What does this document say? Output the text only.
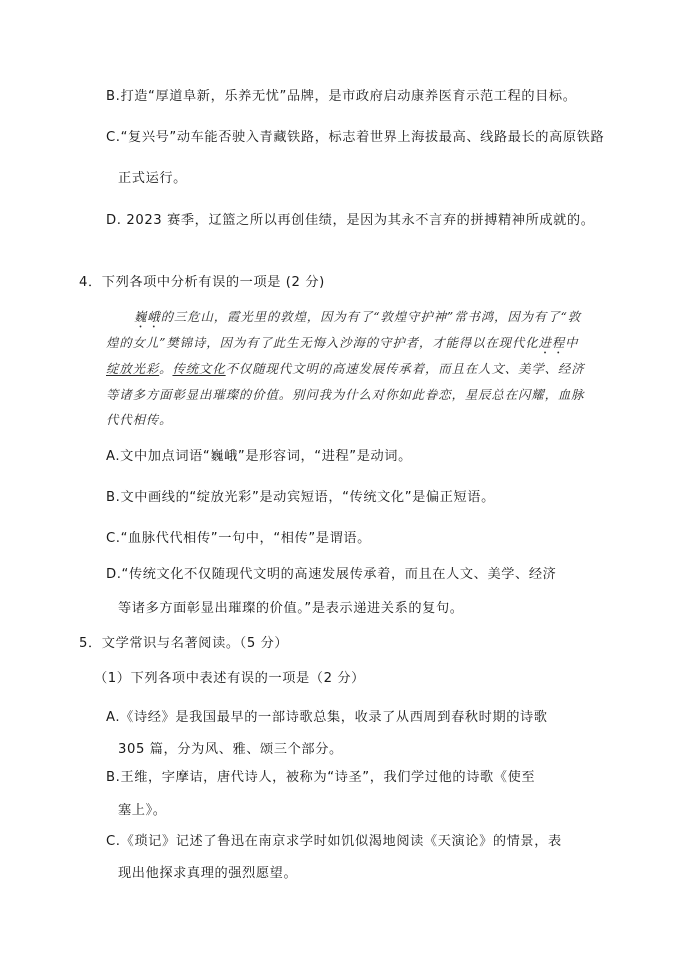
B.打造“厚道阜新，乐养无忧”品牌，是市政府启动康养医育示范工程的目标。
C.“复兴号”动车能否驶入青藏铁路，标志着世界上海拔最高、线路最长的高原铁路
正式运行。
D. 2023 赛季，辽篮之所以再创佳绩，是因为其永不言弃的拼搏精神所成就的。
4．下列各项中分析有误的一项是 (2 分)
巍峨的三危山，霞光里的敦煌，因为有了“敦煌守护神”常书鸿，因为有了“敦
煌的女儿”樊锦诗，因为有了此生无悔入沙海的守护者，才能得以在现代化进程中
绽放光彩。传统文化不仅随现代文明的高速发展传承着，而且在人文、美学、经济
等诸多方面彰显出璀璨的价值。别问我为什么对你如此眷恋，星辰总在闪耀，血脉
代代相传。
A.文中加点词语“巍峨”是形容词，“进程”是动词。
B.文中画线的“绽放光彩”是动宾短语，“传统文化”是偏正短语。
C.“血脉代代相传”一句中，“相传”是谓语。
D.“传统文化不仅随现代文明的高速发展传承着，而且在人文、美学、经济
等诸多方面彰显出璀璨的价值。”是表示递进关系的复句。
5．文学常识与名著阅读。（5 分）
（1）下列各项中表述有误的一项是（2 分）
A.《诗经》是我国最早的一部诗歌总集，收录了从西周到春秋时期的诗歌
305 篇，分为风、雅、颂三个部分。
B.王维，字摩诘，唐代诗人，被称为“诗圣”，我们学过他的诗歌《使至
塞上》。
C.《琐记》记述了鲁迅在南京求学时如饥似渴地阅读《天演论》的情景，表
现出他探求真理的强烈愿望。
